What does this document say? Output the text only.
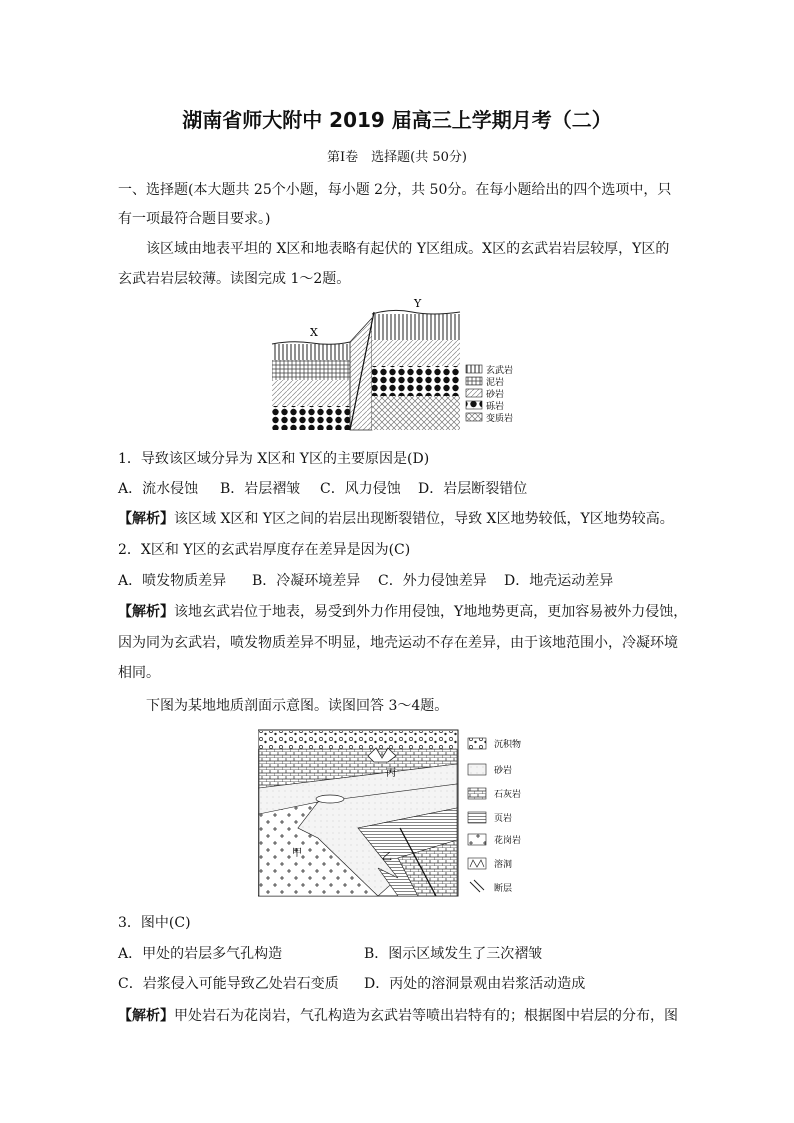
湖南省师大附中 2019 届高三上学期月考（二）
第Ⅰ卷　选择题(共 50分)
一、选择题(本大题共 25个小题，每小题 2分，共 50分。在每小题给出的四个选项中，只
有一项最符合题目要求。)
该区域由地表平坦的 X区和地表略有起伏的 Y区组成。X区的玄武岩岩层较厚，Y区的
玄武岩岩层较薄。读图完成 1～2题。
X
Y
玄武岩
泥岩
砂岩
砾岩
变质岩
1．导致该区域分异为 X区和 Y区的主要原因是(D)
A．流水侵蚀 B．岩层褶皱 C．风力侵蚀 D．岩层断裂错位
【解析】该区域 X区和 Y区之间的岩层出现断裂错位，导致 X区地势较低，Y区地势较高。
2．X区和 Y区的玄武岩厚度存在差异是因为(C)
A．喷发物质差异 B．冷凝环境差异 C．外力侵蚀差异 D．地壳运动差异
【解析】该地玄武岩位于地表，易受到外力作用侵蚀，Y地地势更高，更加容易被外力侵蚀，
因为同为玄武岩，喷发物质差异不明显，地壳运动不存在差异，由于该地范围小，冷凝环境
相同。
下图为某地地质剖面示意图。读图回答 3～4题。
丙
甲	乙
沉积物
砂岩
石灰岩
页岩
花岗岩
溶洞
断层
3．图中(C)
A．甲处的岩层多气孔构造	B．图示区域发生了三次褶皱
C．岩浆侵入可能导致乙处岩石变质 D．丙处的溶洞景观由岩浆活动造成
【解析】甲处岩石为花岗岩，气孔构造为玄武岩等喷出岩特有的；根据图中岩层的分布，图
